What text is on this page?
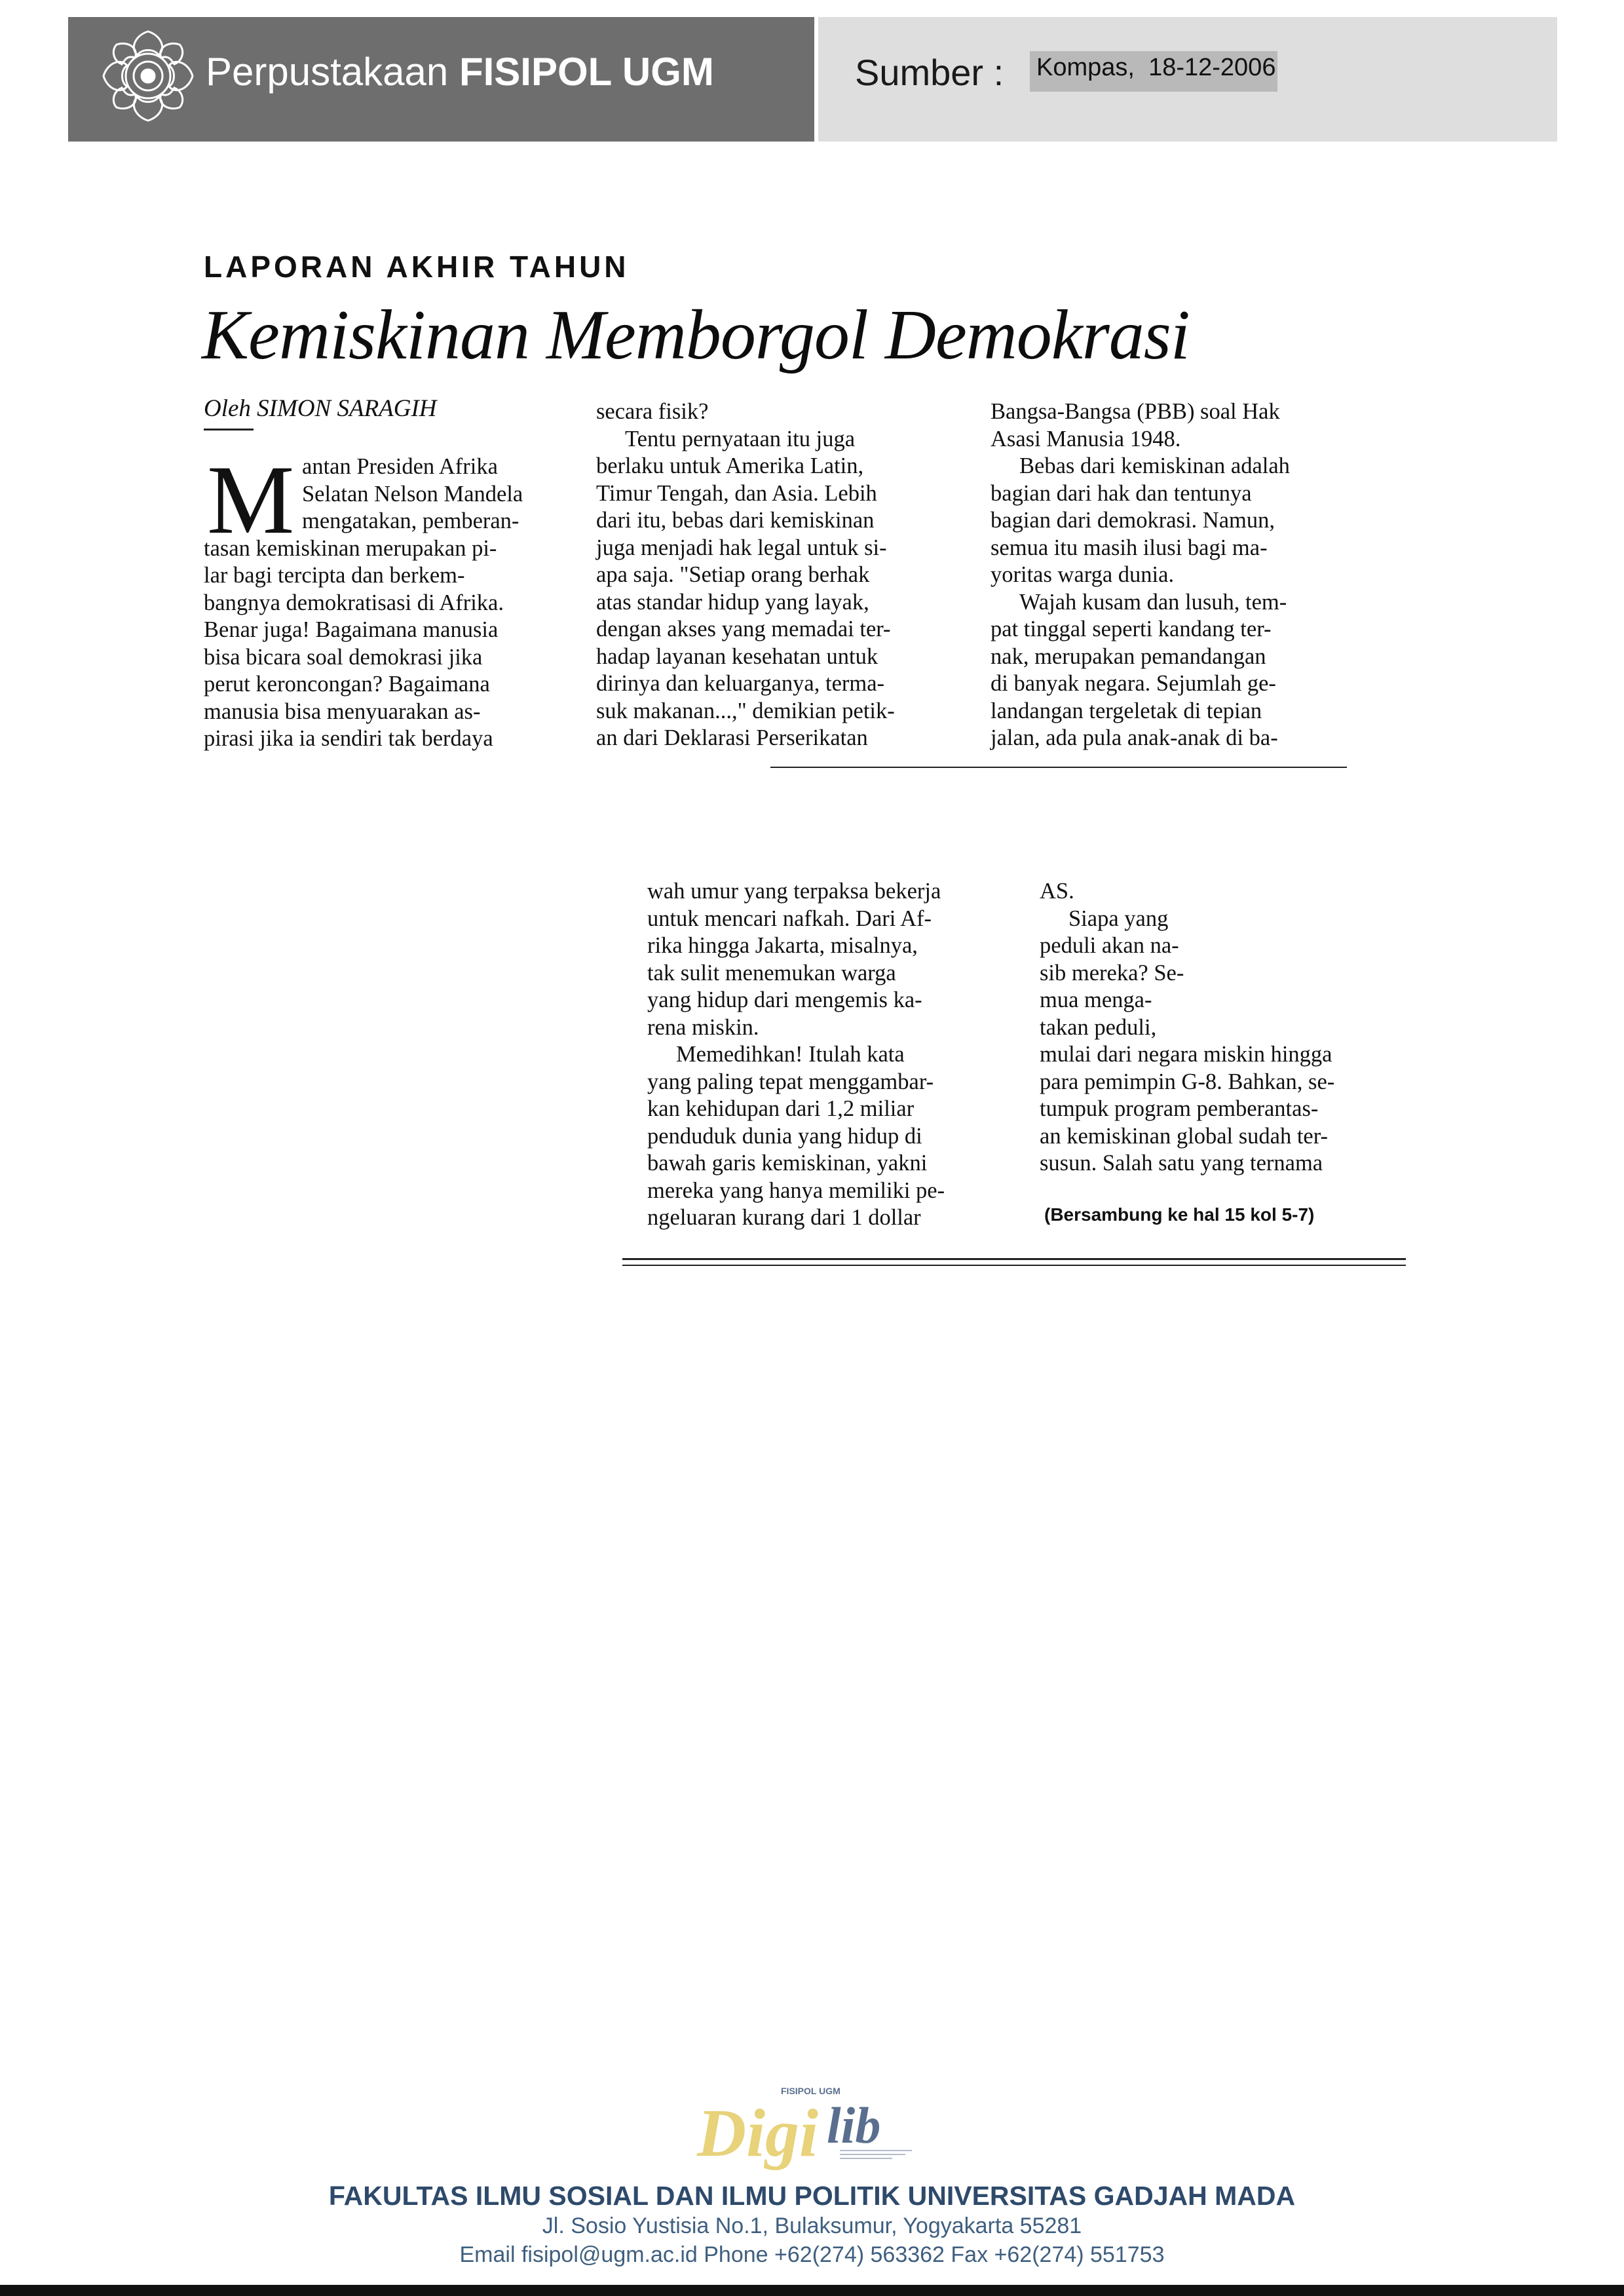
Perpustakaan FISIPOL UGM	Sumber : Kompas,  18-12-2006
LAPORAN AKHIR TAHUN
Kemiskinan Memborgol Demokrasi
Oleh SIMON SARAGIH
M antan Presiden Afrika
Selatan Nelson Mandela
mengatakan, pemberan-
tasan kemiskinan merupakan pi-
lar bagi tercipta dan berkem-
bangnya demokratisasi di Afrika.
Benar juga! Bagaimana manusia
bisa bicara soal demokrasi jika
perut keroncongan? Bagaimana
manusia bisa menyuarakan as-
pirasi jika ia sendiri tak berdaya
secara fisik?
Tentu pernyataan itu juga
berlaku untuk Amerika Latin,
Timur Tengah, dan Asia. Lebih
dari itu, bebas dari kemiskinan
juga menjadi hak legal untuk si-
apa saja. "Setiap orang berhak
atas standar hidup yang layak,
dengan akses yang memadai ter-
hadap layanan kesehatan untuk
dirinya dan keluarganya, terma-
suk makanan...," demikian petik-
an dari Deklarasi Perserikatan
Bangsa-Bangsa (PBB) soal Hak
Asasi Manusia 1948.
Bebas dari kemiskinan adalah
bagian dari hak dan tentunya
bagian dari demokrasi. Namun,
semua itu masih ilusi bagi ma-
yoritas warga dunia.
Wajah kusam dan lusuh, tem-
pat tinggal seperti kandang ter-
nak, merupakan pemandangan
di banyak negara. Sejumlah ge-
landangan tergeletak di tepian
jalan, ada pula anak-anak di ba-
wah umur yang terpaksa bekerja
untuk mencari nafkah. Dari Af-
rika hingga Jakarta, misalnya,
tak sulit menemukan warga
yang hidup dari mengemis ka-
rena miskin.
Memedihkan! Itulah kata
yang paling tepat menggambar-
kan kehidupan dari 1,2 miliar
penduduk dunia yang hidup di
bawah garis kemiskinan, yakni
mereka yang hanya memiliki pe-
ngeluaran kurang dari 1 dollar
AS.
Siapa yang
peduli akan na-
sib mereka? Se-
mua menga-
takan peduli,
mulai dari negara miskin hingga
para pemimpin G-8. Bahkan, se-
tumpuk program pemberantas-
an kemiskinan global sudah ter-
susun. Salah satu yang ternama
(Bersambung ke hal 15 kol 5-7)
FISIPOL UGM
Digi lib
FAKULTAS ILMU SOSIAL DAN ILMU POLITIK UNIVERSITAS GADJAH MADA
Jl. Sosio Yustisia No.1, Bulaksumur, Yogyakarta 55281
Email fisipol@ugm.ac.id Phone +62(274) 563362 Fax +62(274) 551753
